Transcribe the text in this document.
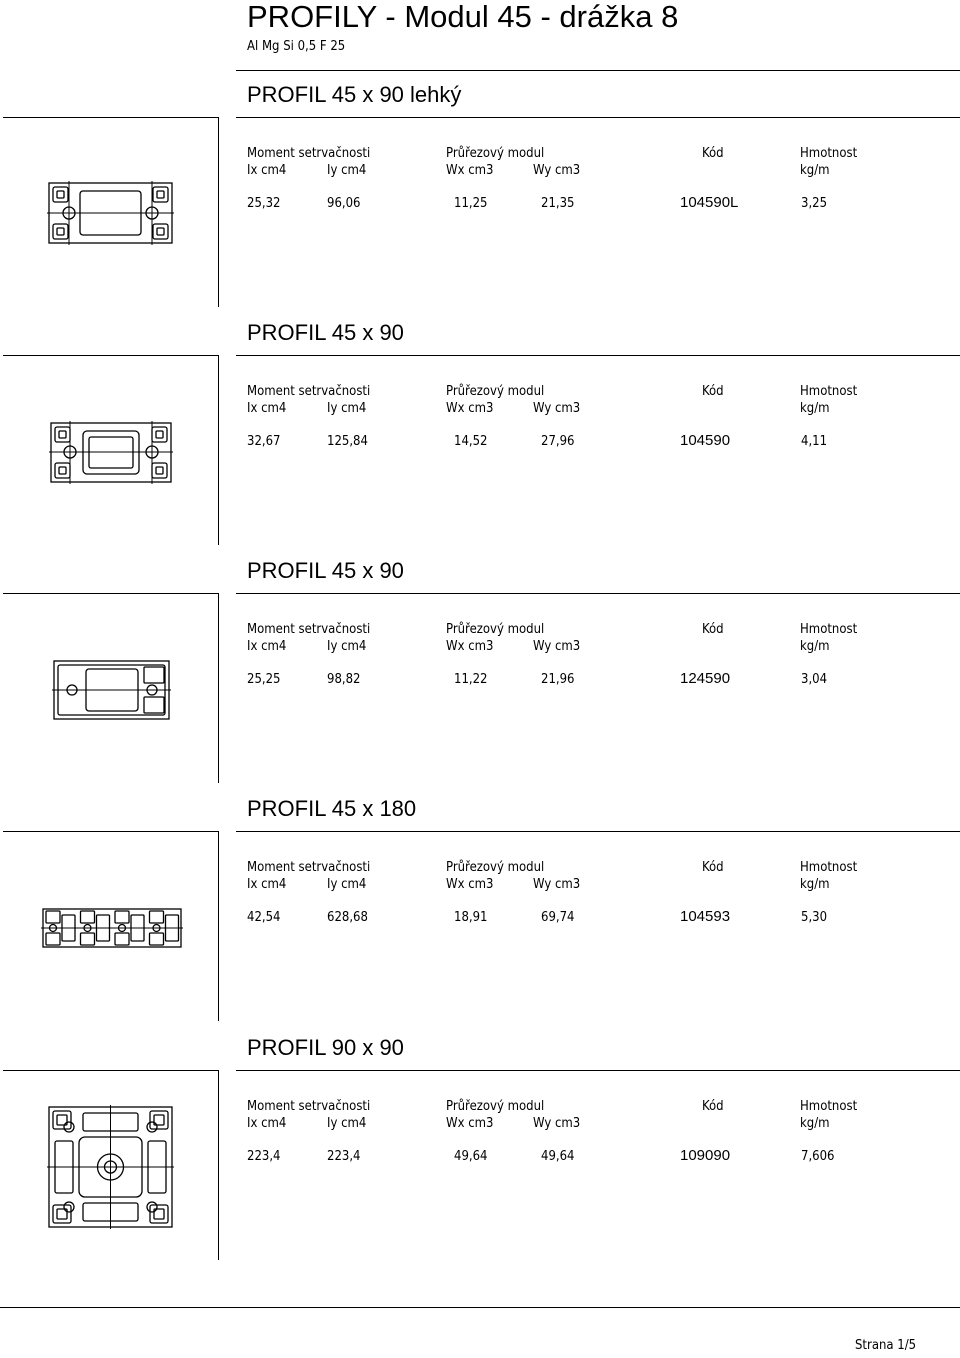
PROFILY - Modul 45 - drážka 8
Al Mg Si 0,5 F 25
PROFIL 45 x 90 lehký
Moment setrvačnosti	Průřezový modul	Kód	Hmotnost
Ix cm4	Iy cm4	Wx cm3	Wy cm3	kg/m
25,32	96,06	11,25	21,35	104590L	3,25
PROFIL 45 x 90
Moment setrvačnosti	Průřezový modul	Kód	Hmotnost
Ix cm4	Iy cm4	Wx cm3	Wy cm3	kg/m
32,67	125,84	14,52	27,96	104590	4,11
PROFIL 45 x 90
Moment setrvačnosti	Průřezový modul	Kód	Hmotnost
Ix cm4	Iy cm4	Wx cm3	Wy cm3	kg/m
25,25	98,82	11,22	21,96	124590	3,04
PROFIL 45 x 180
Moment setrvačnosti	Průřezový modul	Kód	Hmotnost
Ix cm4	Iy cm4	Wx cm3	Wy cm3	kg/m
42,54	628,68	18,91	69,74	104593	5,30
PROFIL 90 x 90
Moment setrvačnosti	Průřezový modul	Kód	Hmotnost
Ix cm4	Iy cm4	Wx cm3	Wy cm3	kg/m
223,4	223,4	49,64	49,64	109090	7,606
Strana 1/5
